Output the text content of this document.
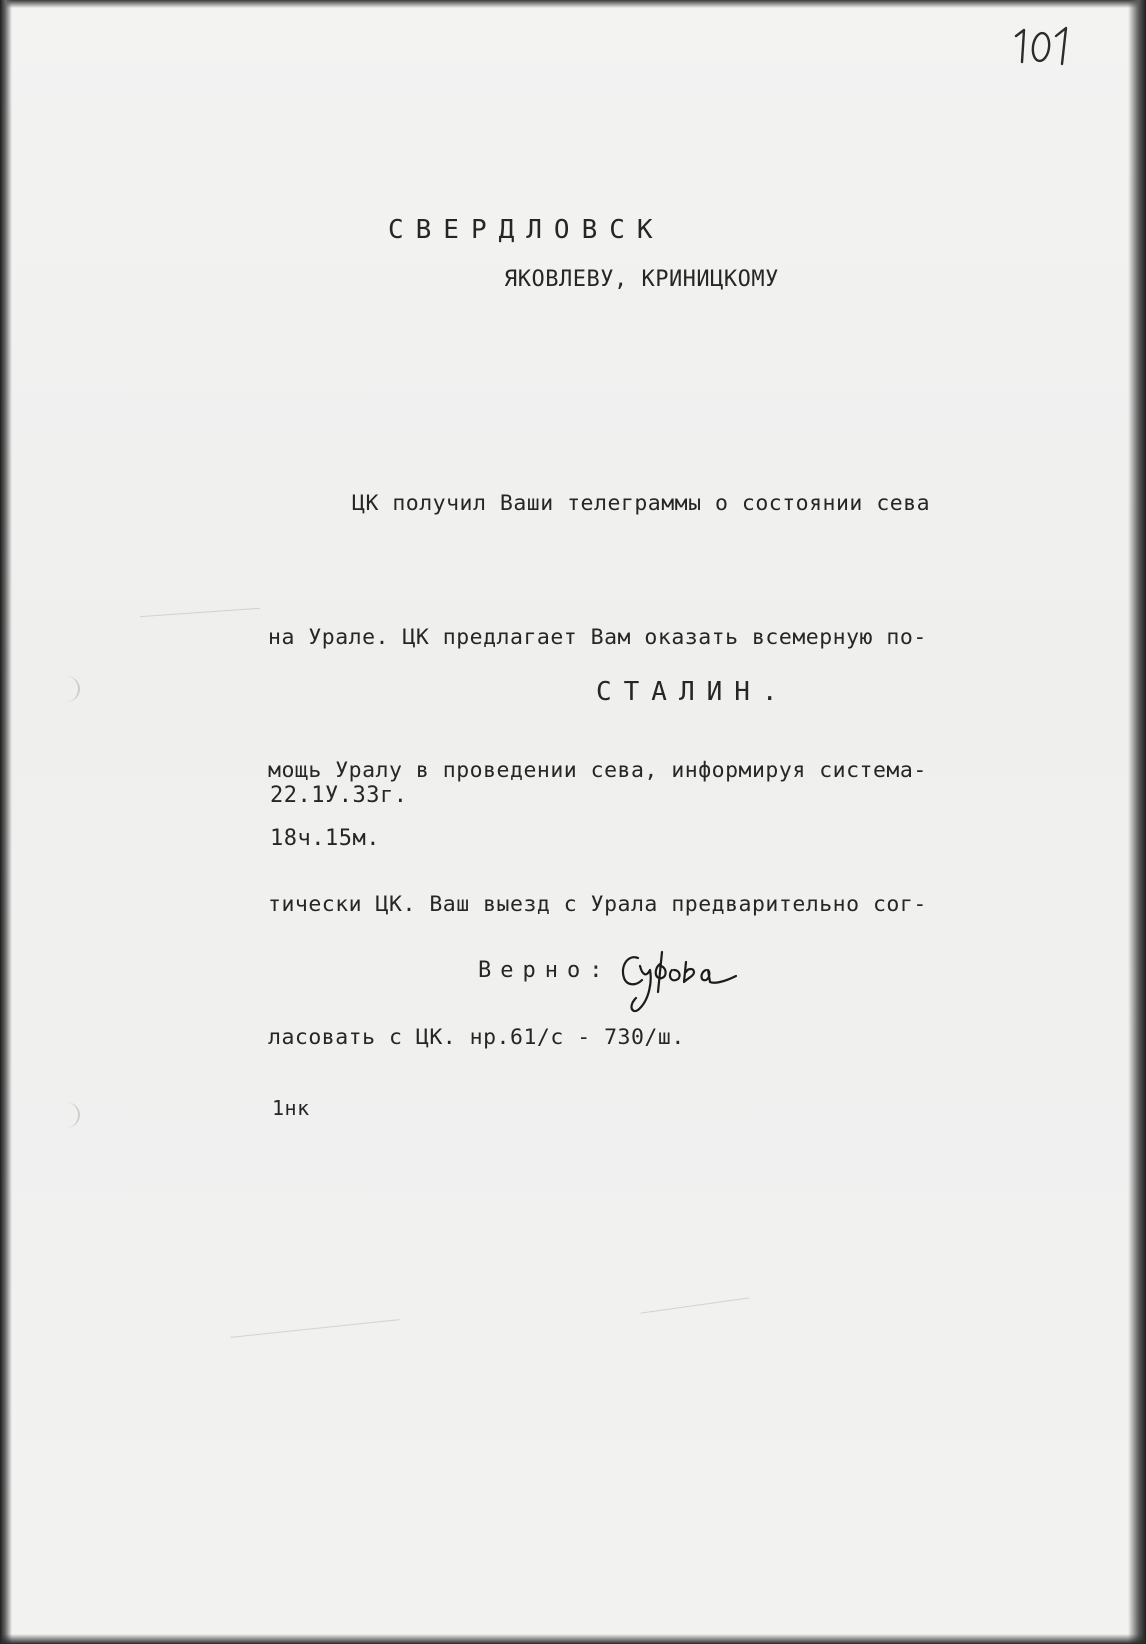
СВЕРДЛОВСК

ЯКОВЛЕВУ, КРИНИЦКОМУ

ЦК получил Ваши телеграммы о состоянии сева

на Урале. ЦК предлагает Вам оказать всемерную по-

мощь Уралу в проведении сева, информируя система-

тически ЦК. Ваш выезд с Урала предварительно сог-

ласовать с ЦК. нр.61/с - 730/ш.

СТАЛИН.

22.1У.33г.

18ч.15м.

Верно:

1нк
